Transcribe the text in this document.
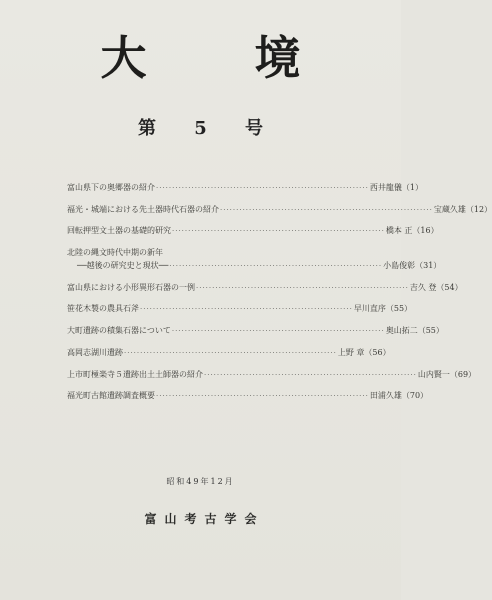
大 境
第 5 号
富山県下の奥郷器の紹介 ·································································· 西井龍儀（1）
福光・城端における先土器時代石器の紹介 ·································································· 宝蔵久雄（12）
回転押型文土器の基礎的研究 ·································································· 橋本 正（16）
北陸の縄文時代中期の新年
──越後の研究史と現状── ·································································· 小島俊彰（31）
富山県における小形異形石器の一例 ·································································· 吉久 登（54）
笹花木製の農具石斧 ·································································· 早川直序（55）
大町遺跡の積集石器について ·································································· 奥山拓二（55）
高岡志湖川遺跡 ·································································· 上野 章（56）
上市町極楽寺５遺跡出土土師器の紹介 ·································································· 山内賢一（69）
福光町古館遺跡調査概要 ·································································· 田浦久雄（70）
昭和49年12月
富山考古学会
